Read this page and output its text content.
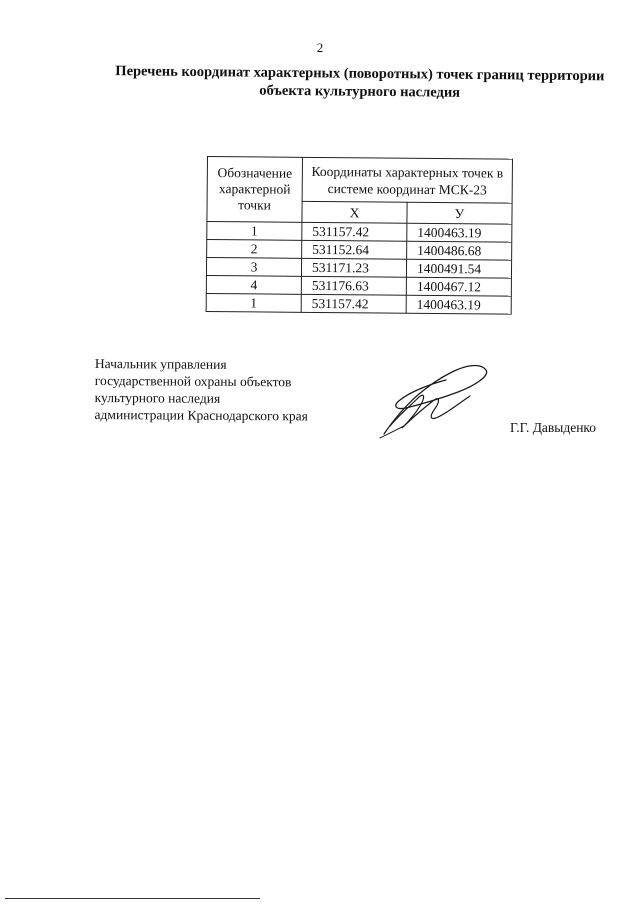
2
Перечень координат характерных (поворотных) точек границ территории
объекта культурного наследия
Обозначение характерной точки	Координаты характерных точек в системе координат МСК-23	
	Х	У
1	531157.42	1400463.19
2	531152.64	1400486.68
3	531171.23	1400491.54
4	531176.63	1400467.12
1	531157.42	1400463.19
Начальник управления
государственной охраны объектов
культурного наследия
администрации Краснодарского края
Г.Г. Давыденко
